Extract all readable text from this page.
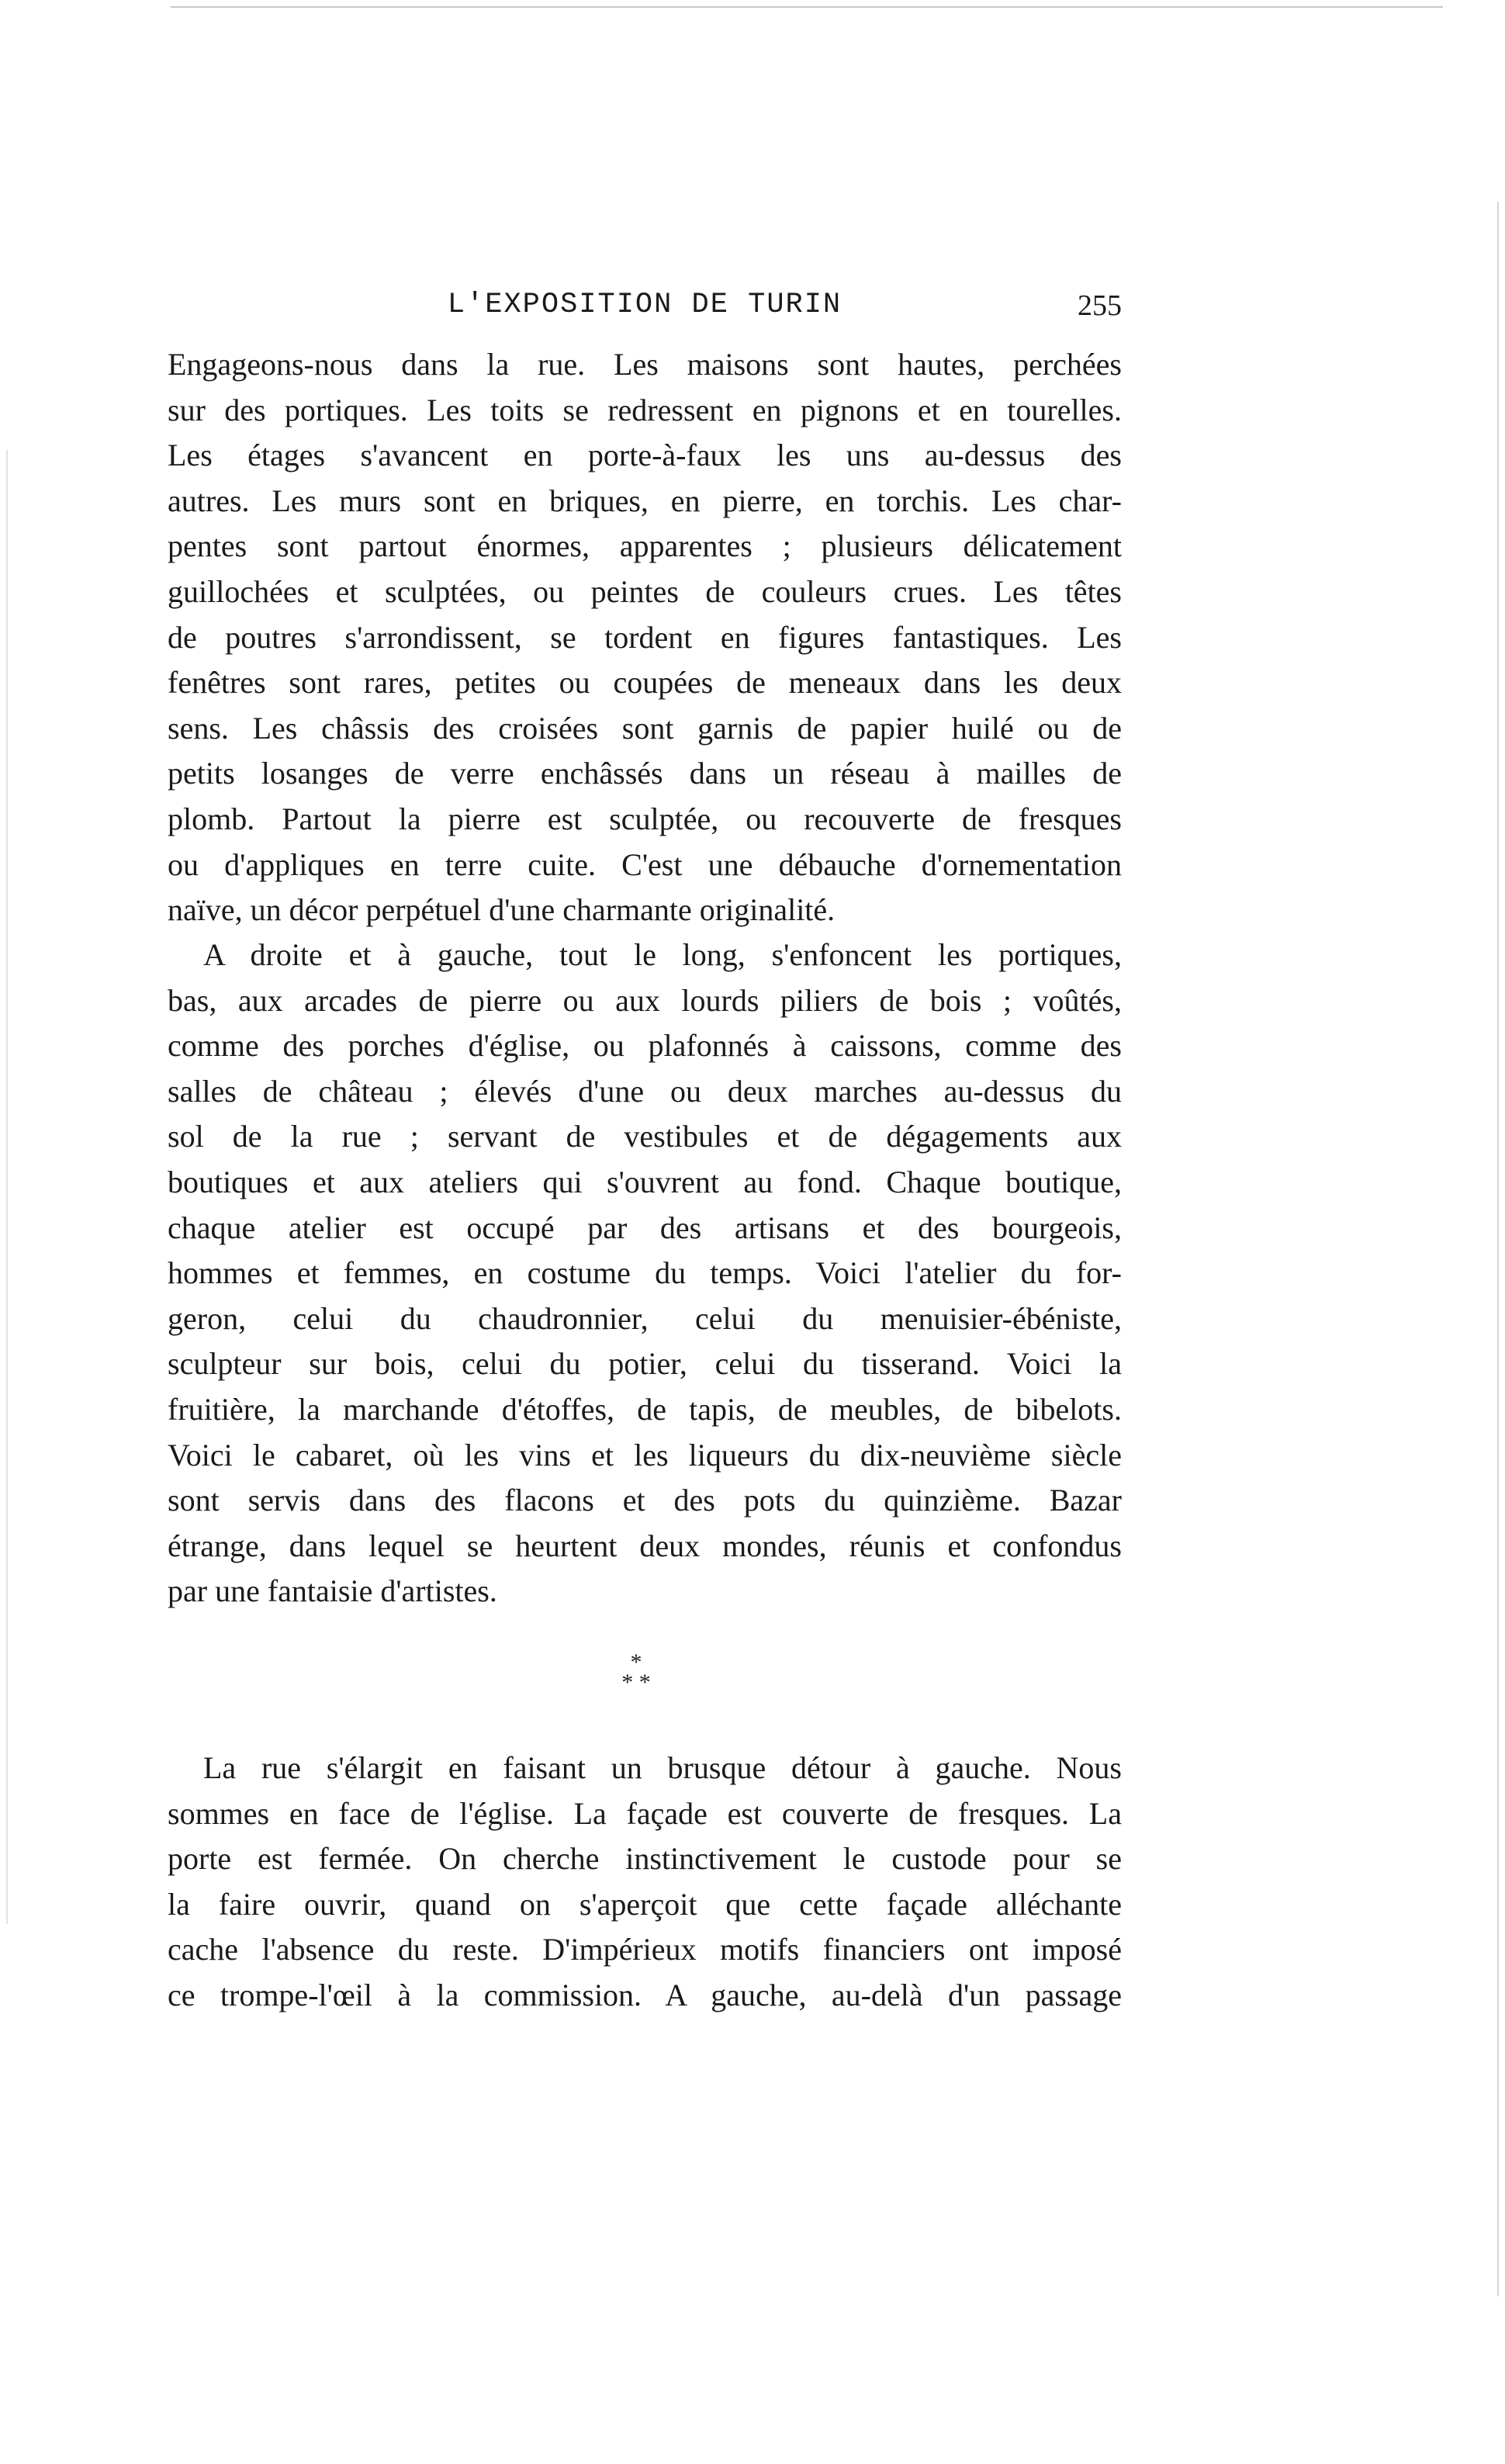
L'EXPOSITION DE TURIN	255
Engageons-nous dans la rue. Les maisons sont hautes, perchées
sur des portiques. Les toits se redressent en pignons et en tourelles.
Les étages s'avancent en porte-à-faux les uns au-dessus des
autres. Les murs sont en briques, en pierre, en torchis. Les char-
pentes sont partout énormes, apparentes ; plusieurs délicatement
guillochées et sculptées, ou peintes de couleurs crues. Les têtes
de poutres s'arrondissent, se tordent en figures fantastiques. Les
fenêtres sont rares, petites ou coupées de meneaux dans les deux
sens. Les châssis des croisées sont garnis de papier huilé ou de
petits losanges de verre enchâssés dans un réseau à mailles de
plomb. Partout la pierre est sculptée, ou recouverte de fresques
ou d'appliques en terre cuite. C'est une débauche d'ornementation
naïve, un décor perpétuel d'une charmante originalité.
A droite et à gauche, tout le long, s'enfoncent les portiques,
bas, aux arcades de pierre ou aux lourds piliers de bois ; voûtés,
comme des porches d'église, ou plafonnés à caissons, comme des
salles de château ; élevés d'une ou deux marches au-dessus du
sol de la rue ; servant de vestibules et de dégagements aux
boutiques et aux ateliers qui s'ouvrent au fond. Chaque boutique,
chaque atelier est occupé par des artisans et des bourgeois,
hommes et femmes, en costume du temps. Voici l'atelier du for-
geron, celui du chaudronnier, celui du menuisier-ébéniste,
sculpteur sur bois, celui du potier, celui du tisserand. Voici la
fruitière, la marchande d'étoffes, de tapis, de meubles, de bibelots.
Voici le cabaret, où les vins et les liqueurs du dix-neuvième siècle
sont servis dans des flacons et des pots du quinzième. Bazar
étrange, dans lequel se heurtent deux mondes, réunis et confondus
par une fantaisie d'artistes.
*
* *
La rue s'élargit en faisant un brusque détour à gauche. Nous
sommes en face de l'église. La façade est couverte de fresques. La
porte est fermée. On cherche instinctivement le custode pour se
la faire ouvrir, quand on s'aperçoit que cette façade alléchante
cache l'absence du reste. D'impérieux motifs financiers ont imposé
ce trompe-l'œil à la commission. A gauche, au-delà d'un passage
